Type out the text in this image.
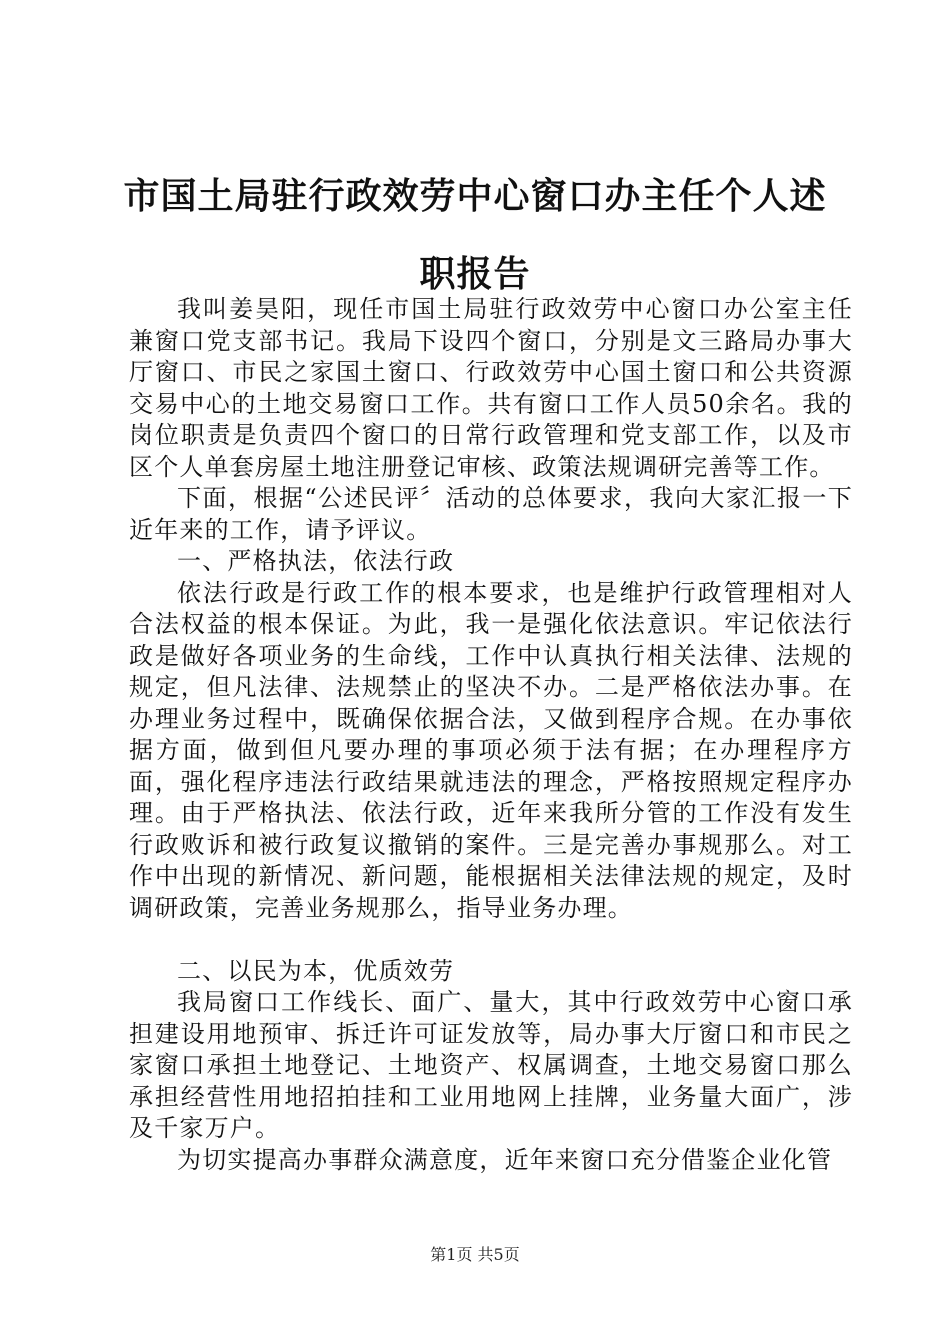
市国土局驻行政效劳中心窗口办主任个人述职报告

我叫姜昊阳，现任市国土局驻行政效劳中心窗口办公室主任兼窗口党支部书记。我局下设四个窗口，分别是文三路局办事大厅窗口、市民之家国土窗口、行政效劳中心国土窗口和公共资源交易中心的土地交易窗口工作。共有窗口工作人员50余名。我的岗位职责是负责四个窗口的日常行政管理和党支部工作，以及市区个人单套房屋土地注册登记审核、政策法规调研完善等工作。

下面，根据“公述民评〞活动的总体要求，我向大家汇报一下近年来的工作，请予评议。

一、严格执法，依法行政

依法行政是行政工作的根本要求，也是维护行政管理相对人合法权益的根本保证。为此，我一是强化依法意识。牢记依法行政是做好各项业务的生命线，工作中认真执行相关法律、法规的规定，但凡法律、法规禁止的坚决不办。二是严格依法办事。在办理业务过程中，既确保依据合法，又做到程序合规。在办事依据方面，做到但凡要办理的事项必须于法有据；在办理程序方面，强化程序违法行政结果就违法的理念，严格按照规定程序办理。由于严格执法、依法行政，近年来我所分管的工作没有发生行政败诉和被行政复议撤销的案件。三是完善办事规那么。对工作中出现的新情况、新问题，能根据相关法律法规的规定，及时调研政策，完善业务规那么，指导业务办理。

二、以民为本，优质效劳

我局窗口工作线长、面广、量大，其中行政效劳中心窗口承担建设用地预审、拆迁许可证发放等，局办事大厅窗口和市民之家窗口承担土地登记、土地资产、权属调查，土地交易窗口那么承担经营性用地招拍挂和工业用地网上挂牌，业务量大面广，涉及千家万户。

为切实提高办事群众满意度，近年来窗口充分借鉴企业化管

第1页 共5页
